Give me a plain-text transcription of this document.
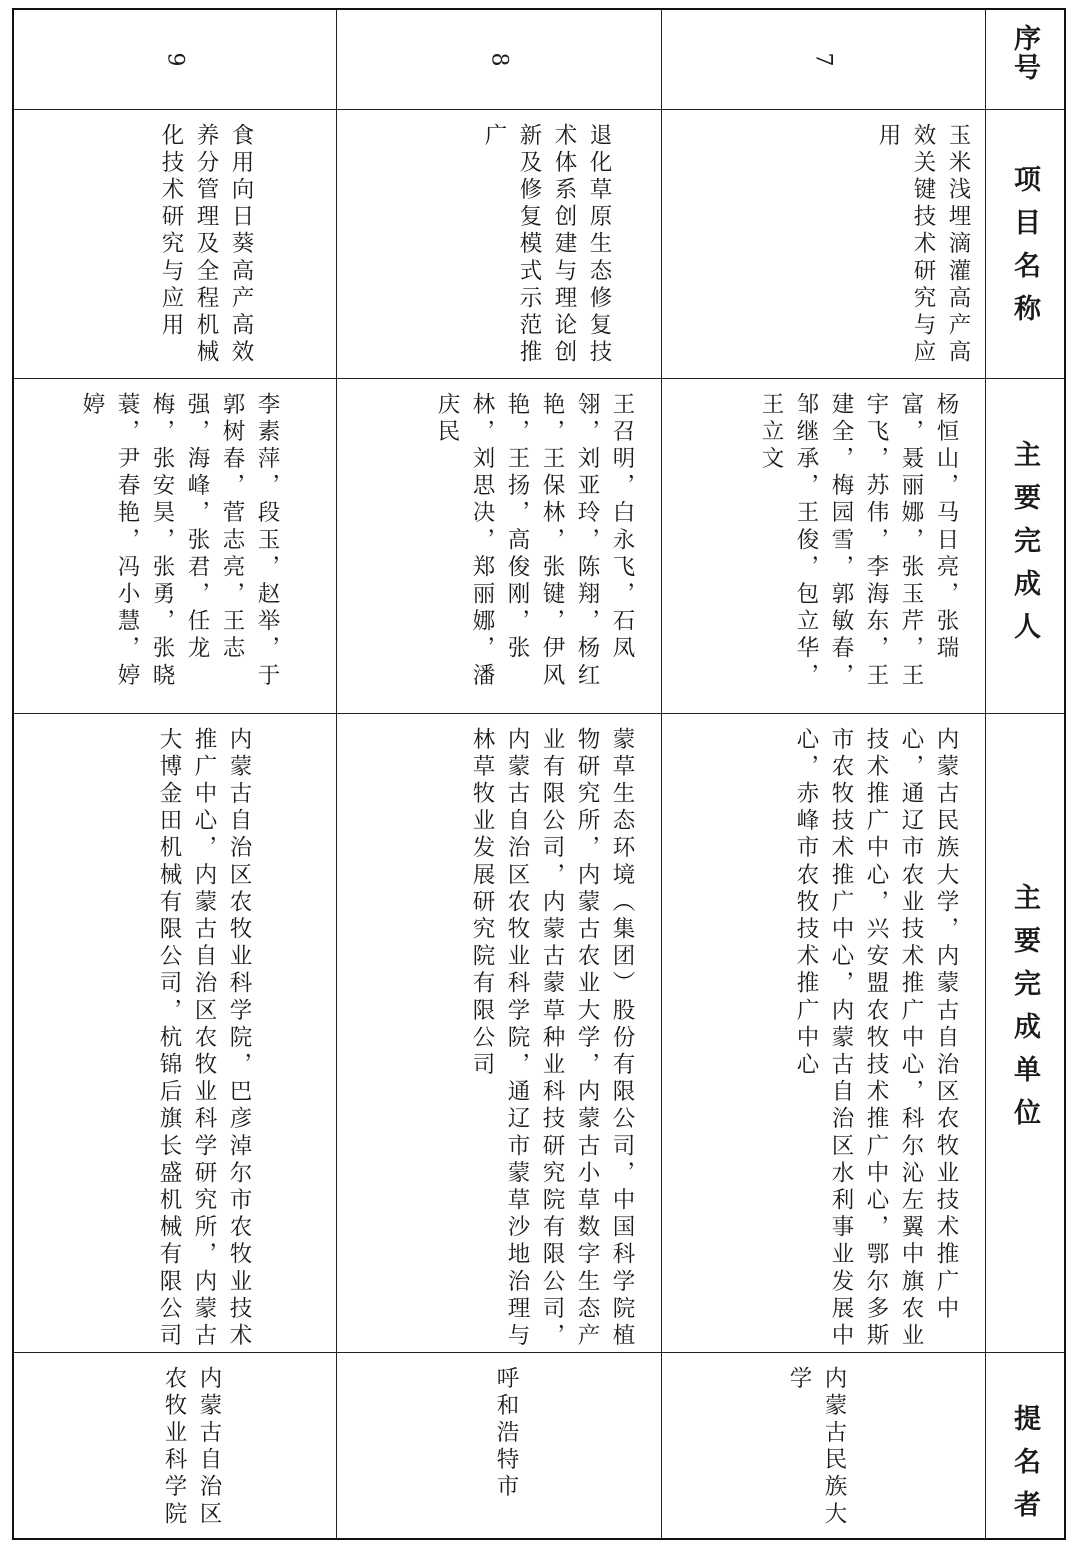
序号
项目名称
主要完成人
主要完成单位
提名者
7
玉米浅埋滴灌高产高效关键技术研究与应用
杨恒山，马日亮，张瑞富，聂丽娜，张玉芹，王宇飞，苏伟，李海东，王建全，梅园雪，郭敏春，邹继承，王俊，包立华，王立文
内蒙古民族大学，内蒙古自治区农牧业技术推广中心，通辽市农业技术推广中心，科尔沁左翼中旗农业技术推广中心，兴安盟农牧技术推广中心，鄂尔多斯市农牧技术推广中心，内蒙古自治区水利事业发展中心，赤峰市农牧技术推广中心
内蒙古民族大学
8
退化草原生态修复技术体系创建与理论创新及修复模式示范推广
王召明，白永飞，石凤翎，刘亚玲，陈翔，杨红艳，王保林，张键，伊风艳，王扬，高俊刚，张林，刘思决，郑丽娜，潘庆民
蒙草生态环境（集团）股份有限公司，中国科学院植物研究所，内蒙古农业大学，内蒙古小草数字生态产业有限公司，内蒙古蒙草种业科技研究院有限公司，内蒙古自治区农牧业科学院，通辽市蒙草沙地治理与林草牧业发展研究院有限公司
呼和浩特市
9
食用向日葵高产高效养分管理及全程机械化技术研究与应用
李素萍，段玉，赵举，于郭树春，菅志亮，王志强，海峰，张君，任龙梅，张安昊，张勇，张晓蓑，尹春艳，冯小慧，婷婷
内蒙古自治区农牧业科学院，巴彦淖尔市农牧业技术推广中心，内蒙古自治区农牧业科学研究所，内蒙古大博金田机械有限公司，杭锦后旗长盛机械有限公司
内蒙古自治区农牧业科学院
